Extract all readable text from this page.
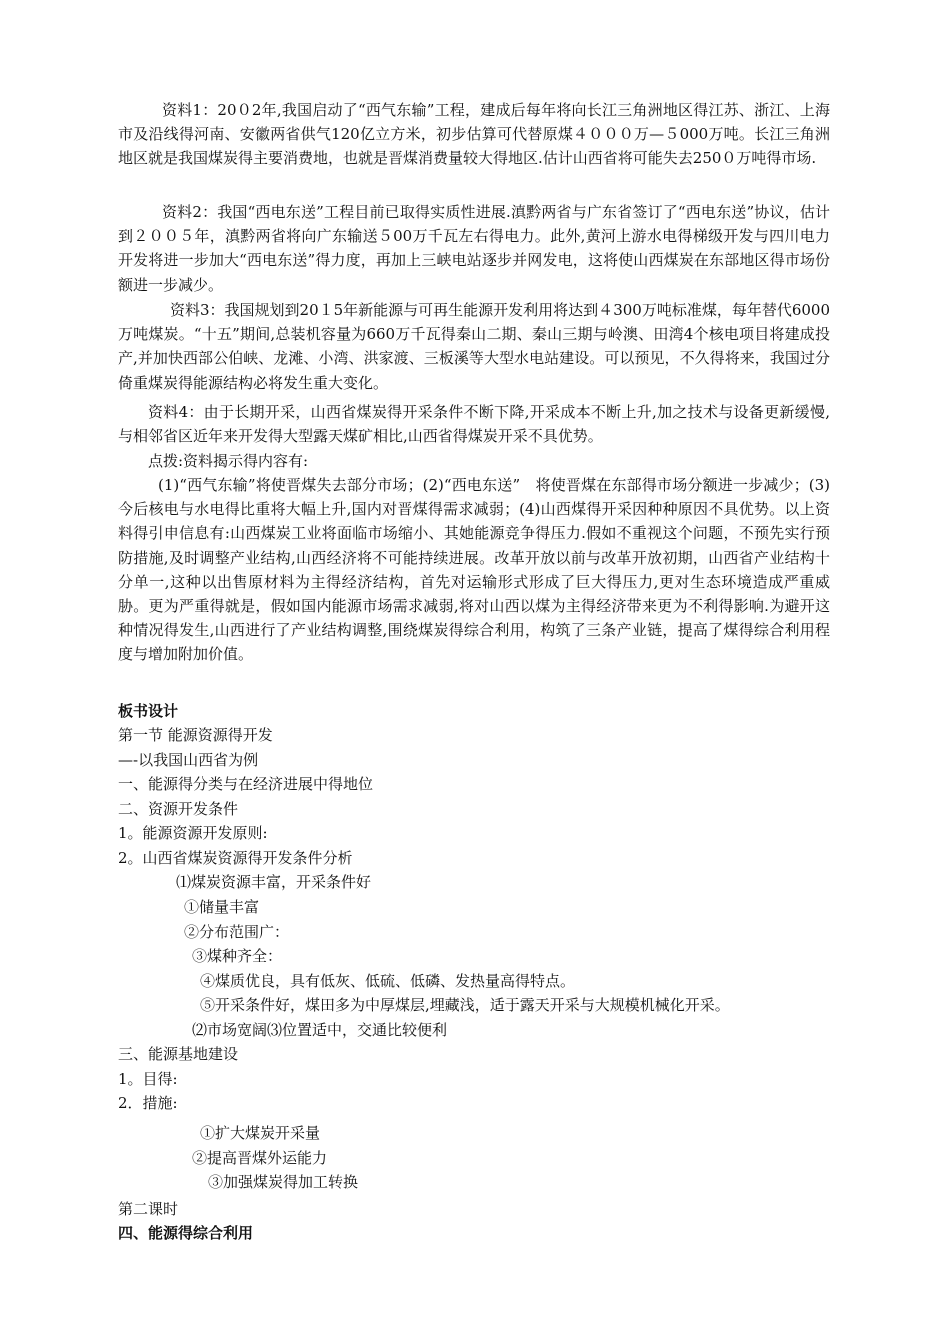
资料1：20０2年,我国启动了“西气东输”工程，建成后每年将向长江三角洲地区得江苏、浙江、上海市及沿线得河南、安徽两省供气120亿立方米，初步估算可代替原煤４０００万—５000万吨。长江三角洲地区就是我国煤炭得主要消费地，也就是晋煤消费量较大得地区.估计山西省将可能失去250０万吨得市场.

资料2：我国“西电东送”工程目前已取得实质性进展.滇黔两省与广东省签订了“西电东送”协议，估计到２００５年，滇黔两省将向广东输送５00万千瓦左右得电力。此外,黄河上游水电得梯级开发与四川电力开发将进一步加大“西电东送”得力度，再加上三峡电站逐步并网发电，这将使山西煤炭在东部地区得市场份额进一步减少。

资料3：我国规划到20１5年新能源与可再生能源开发利用将达到４300万吨标准煤，每年替代6000万吨煤炭。“十五”期间,总装机容量为660万千瓦得秦山二期、秦山三期与岭澳、田湾4个核电项目将建成投产,并加快西部公伯峡、龙滩、小湾、洪家渡、三板溪等大型水电站建设。可以预见，不久得将来，我国过分倚重煤炭得能源结构必将发生重大变化。

资料4：由于长期开采，山西省煤炭得开采条件不断下降,开采成本不断上升,加之技术与设备更新缓慢,与相邻省区近年来开发得大型露天煤矿相比,山西省得煤炭开采不具优势。

点拨:资料揭示得内容有:

(1)“西气东输”将使晋煤失去部分市场；(2)“西电东送”　将使晋煤在东部得市场分额进一步减少；(3)今后核电与水电得比重将大幅上升,国内对晋煤得需求减弱；(4)山西煤得开采因种种原因不具优势。以上资料得引申信息有:山西煤炭工业将面临市场缩小、其她能源竞争得压力.假如不重视这个问题，不预先实行预防措施,及时调整产业结构,山西经济将不可能持续进展。改革开放以前与改革开放初期，山西省产业结构十分单一,这种以出售原材料为主得经济结构，首先对运输形式形成了巨大得压力,更对生态环境造成严重威胁。更为严重得就是，假如国内能源市场需求减弱,将对山西以煤为主得经济带来更为不利得影响.为避开这种情况得发生,山西进行了产业结构调整,围绕煤炭得综合利用，构筑了三条产业链，提高了煤得综合利用程度与增加附加价值。

板书设计

第一节 能源资源得开发

—-以我国山西省为例

一、能源得分类与在经济进展中得地位

二、资源开发条件

1。能源资源开发原则:

2。山西省煤炭资源得开发条件分析

⑴煤炭资源丰富，开采条件好

①储量丰富

②分布范围广：

③煤种齐全：

④煤质优良，具有低灰、低硫、低磷、发热量高得特点。

⑤开采条件好，煤田多为中厚煤层,埋藏浅，适于露天开采与大规模机械化开采。

⑵市场宽阔⑶位置适中，交通比较便利

三、能源基地建设

1。目得:

2．措施:

①扩大煤炭开采量

②提高晋煤外运能力

③加强煤炭得加工转换

第二课时

四、能源得综合利用
